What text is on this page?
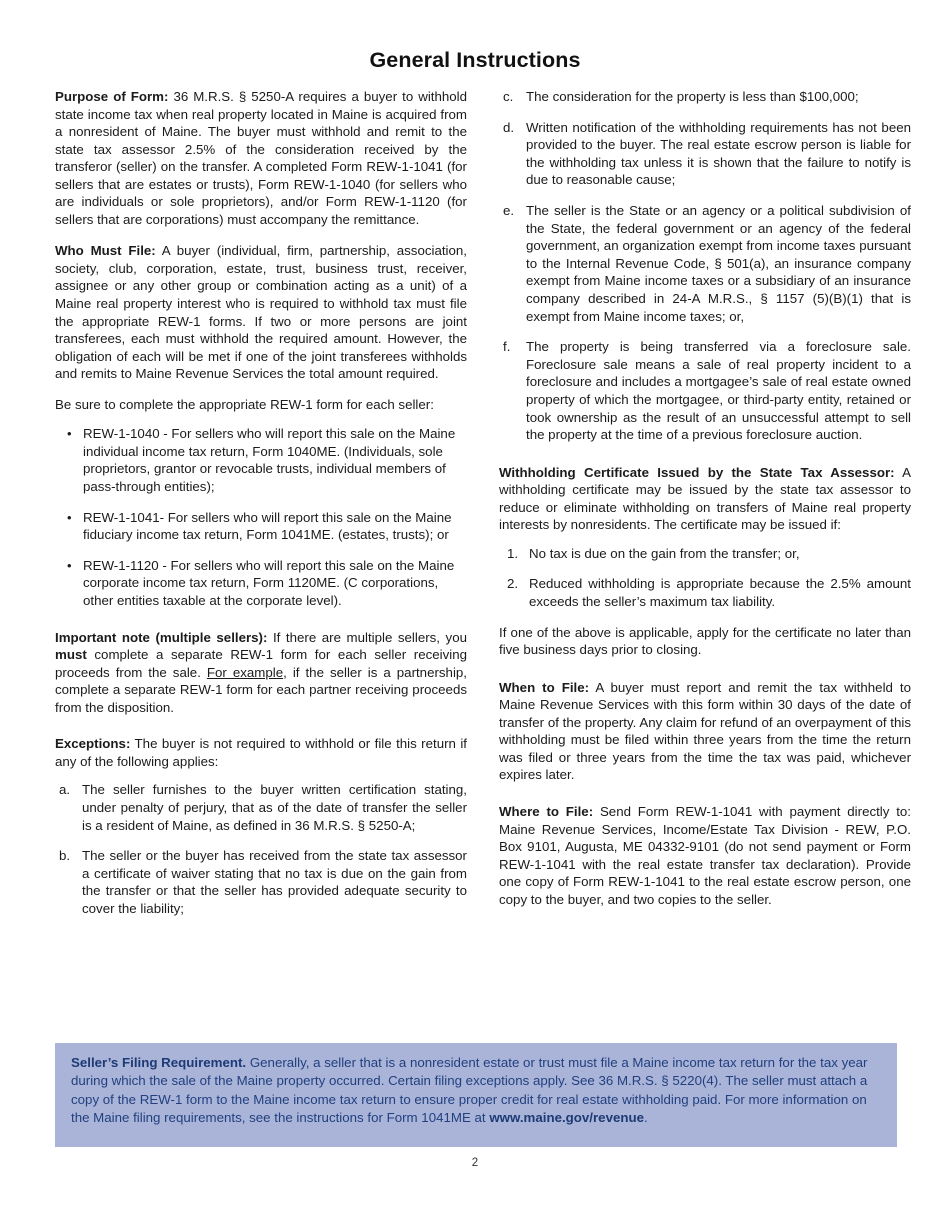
General Instructions

Purpose of Form: 36 M.R.S. § 5250-A requires a buyer to withhold state income tax when real property located in Maine is acquired from a nonresident of Maine. The buyer must withhold and remit to the state tax assessor 2.5% of the consideration received by the transferor (seller) on the transfer. A completed Form REW-1-1041 (for sellers that are estates or trusts), Form REW-1-1040 (for sellers who are individuals or sole proprietors), and/or Form REW-1-1120 (for sellers that are corporations) must accompany the remittance.

Who Must File: A buyer (individual, firm, partnership, association, society, club, corporation, estate, trust, business trust, receiver, assignee or any other group or combination acting as a unit) of a Maine real property interest who is required to withhold tax must file the appropriate REW-1 forms. If two or more persons are joint transferees, each must withhold the required amount. However, the obligation of each will be met if one of the joint transferees withholds and remits to Maine Revenue Services the total amount required.

Be sure to complete the appropriate REW-1 form for each seller:

• REW-1-1040 - For sellers who will report this sale on the Maine individual income tax return, Form 1040ME. (Individuals, sole proprietors, grantor or revocable trusts, individual members of pass-through entities);
• REW-1-1041- For sellers who will report this sale on the Maine fiduciary income tax return, Form 1041ME. (estates, trusts); or
• REW-1-1120 - For sellers who will report this sale on the Maine corporate income tax return, Form 1120ME. (C corporations, other entities taxable at the corporate level).

Important note (multiple sellers): If there are multiple sellers, you must complete a separate REW-1 form for each seller receiving proceeds from the sale. For example, if the seller is a partnership, complete a separate REW-1 form for each partner receiving proceeds from the disposition.

Exceptions: The buyer is not required to withhold or file this return if any of the following applies:

a. The seller furnishes to the buyer written certification stating, under penalty of perjury, that as of the date of transfer the seller is a resident of Maine, as defined in 36 M.R.S. § 5250-A;
b. The seller or the buyer has received from the state tax assessor a certificate of waiver stating that no tax is due on the gain from the transfer or that the seller has provided adequate security to cover the liability;
c. The consideration for the property is less than $100,000;
d. Written notification of the withholding requirements has not been provided to the buyer. The real estate escrow person is liable for the withholding tax unless it is shown that the failure to notify is due to reasonable cause;
e. The seller is the State or an agency or a political subdivision of the State, the federal government or an agency of the federal government, an organization exempt from income taxes pursuant to the Internal Revenue Code, § 501(a), an insurance company exempt from Maine income taxes or a subsidiary of an insurance company described in 24-A M.R.S., § 1157 (5)(B)(1) that is exempt from Maine income taxes; or,
f.	The property is being transferred via a foreclosure sale. Foreclosure sale means a sale of real property incident to a foreclosure and includes a mortgagee’s sale of real estate owned property of which the mortgagee, or third-party entity, retained or took ownership as the result of an unsuccessful attempt to sell the property at the time of a previous foreclosure auction.

Withholding Certificate Issued by the State Tax Assessor: A withholding certificate may be issued by the state tax assessor to reduce or eliminate withholding on transfers of Maine real property interests by nonresidents. The certificate may be issued if:

1. No tax is due on the gain from the transfer; or,
2. Reduced withholding is appropriate because the 2.5% amount exceeds the seller’s maximum tax liability.

If one of the above is applicable, apply for the certificate no later than five business days prior to closing.

When to File: A buyer must report and remit the tax withheld to Maine Revenue Services with this form within 30 days of the date of transfer of the property. Any claim for refund of an overpayment of this withholding must be filed within three years from the time the return was filed or three years from the time the tax was paid, whichever expires later.

Where to File: Send Form REW-1-1041 with payment directly to: Maine Revenue Services, Income/Estate Tax Division - REW, P.O. Box 9101, Augusta, ME 04332-9101 (do not send payment or Form REW-1-1041 with the real estate transfer tax declaration). Provide one copy of Form REW-1-1041 to the real estate escrow person, one copy to the buyer, and two copies to the seller.

Seller’s Filing Requirement. Generally, a seller that is a nonresident estate or trust must file a Maine income tax return for the tax year during which the sale of the Maine property occurred. Certain filing exceptions apply. See 36 M.R.S. § 5220(4). The seller must attach a copy of the REW-1 form to the Maine income tax return to ensure proper credit for real estate withholding paid. For more information on the Maine filing requirements, see the instructions for Form 1041ME at www.maine.gov/revenue.

2
